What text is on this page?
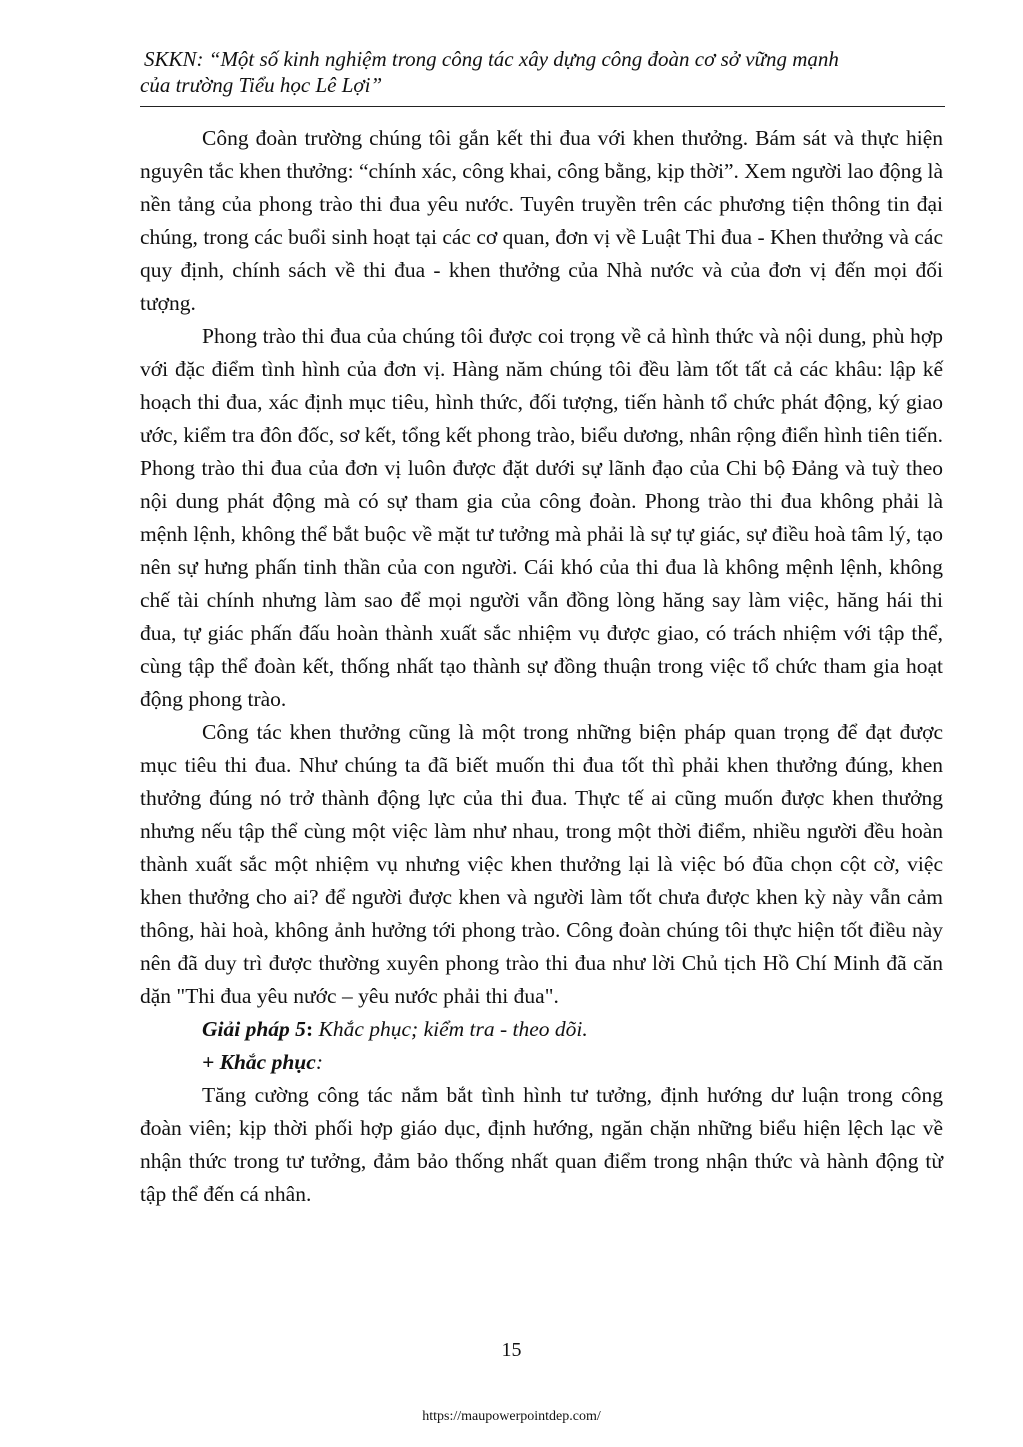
SKKN: “Một số kinh nghiệm trong công tác xây dựng công đoàn cơ sở vững mạnh
của trường Tiểu học Lê Lợi”

Công đoàn trường chúng tôi gắn kết thi đua với khen thưởng. Bám sát và thực hiện nguyên tắc khen thưởng: “chính xác, công khai, công bằng, kịp thời”. Xem người lao động là nền tảng của phong trào thi đua yêu nước. Tuyên truyền trên các phương tiện thông tin đại chúng, trong các buổi sinh hoạt tại các cơ quan, đơn vị về Luật Thi đua - Khen thưởng và các quy định, chính sách về thi đua - khen thưởng của Nhà nước và của đơn vị đến mọi đối tượng.

Phong trào thi đua của chúng tôi được coi trọng về cả hình thức và nội dung, phù hợp với đặc điểm tình hình của đơn vị. Hàng năm chúng tôi đều làm tốt tất cả các khâu: lập kế hoạch thi đua, xác định mục tiêu, hình thức, đối tượng, tiến hành tổ chức phát động, ký giao ước, kiểm tra đôn đốc, sơ kết, tổng kết phong trào, biểu dương, nhân rộng điển hình tiên tiến. Phong trào thi đua của đơn vị luôn được đặt dưới sự lãnh đạo của Chi bộ Đảng và tuỳ theo nội dung phát động mà có sự tham gia của công đoàn. Phong trào thi đua không phải là mệnh lệnh, không thể bắt buộc về mặt tư tưởng mà phải là sự tự giác, sự điều hoà tâm lý, tạo nên sự hưng phấn tinh thần của con người. Cái khó của thi đua là không mệnh lệnh, không chế tài chính nhưng làm sao để mọi người vẫn đồng lòng hăng say làm việc, hăng hái thi đua, tự giác phấn đấu hoàn thành xuất sắc nhiệm vụ được giao, có trách nhiệm với tập thể, cùng tập thể đoàn kết, thống nhất tạo thành sự đồng thuận trong việc tổ chức tham gia hoạt động phong trào.

Công tác khen thưởng cũng là một trong những biện pháp quan trọng để đạt được mục tiêu thi đua. Như chúng ta đã biết muốn thi đua tốt thì phải khen thưởng đúng, khen thưởng đúng nó trở thành động lực của thi đua. Thực tế ai cũng muốn được khen thưởng nhưng nếu tập thể cùng một việc làm như nhau, trong một thời điểm, nhiều người đều hoàn thành xuất sắc một nhiệm vụ nhưng việc khen thưởng lại là việc bó đũa chọn cột cờ, việc khen thưởng cho ai? để người được khen và người làm tốt chưa được khen kỳ này vẫn cảm thông, hài hoà, không ảnh hưởng tới phong trào. Công đoàn chúng tôi thực hiện tốt điều này nên đã duy trì được thường xuyên phong trào thi đua như lời Chủ tịch Hồ Chí Minh đã căn dặn "Thi đua yêu nước – yêu nước phải thi đua".

Giải pháp 5: Khắc phục; kiểm tra - theo dõi.
+ Khắc phục:

Tăng cường công tác nắm bắt tình hình tư tưởng, định hướng dư luận trong công đoàn viên; kịp thời phối hợp giáo dục, định hướng, ngăn chặn những biểu hiện lệch lạc về nhận thức trong tư tưởng, đảm bảo thống nhất quan điểm trong nhận thức và hành động từ tập thể đến cá nhân.

15
https://maupowerpointdep.com/
